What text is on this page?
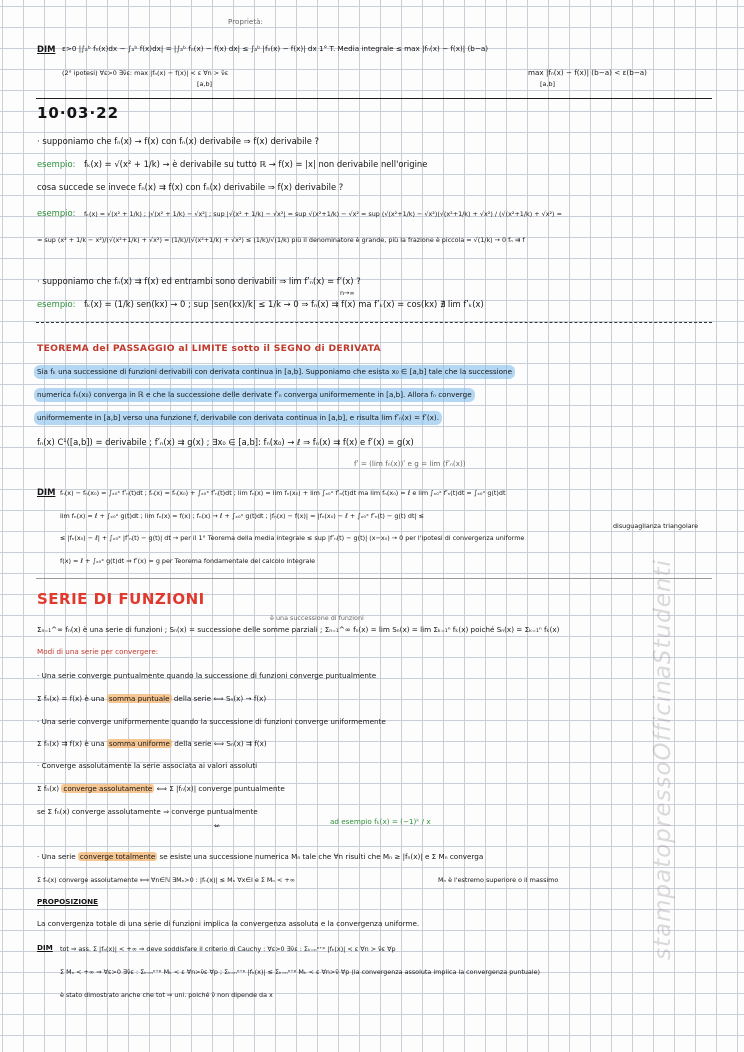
Proprietà:
DIM ε>0 |∫ₐᵇ fₙ(x)dx − ∫ₐᵇ f(x)dx| = |∫ₐᵇ fₙ(x) − f(x) dx| ≤ ∫ₐᵇ |fₙ(x) − f(x)| dx 1° T. Media integrale ≤ max |fₙ(x) − f(x)| (b−a)
(2° ipotesi) ∀ε>0 ∃ν̄ε: max |fₙ(x) − f(x)| < ε ∀n > ν̄ε
[a,b]
max |fₙ(x) − f(x)| (b−a) < ε(b−a)
[a,b]
10·03·22
· supponiamo che fₙ(x) → f(x) con fₙ(x) derivabile ⇒ f(x) derivabile ?
esempio: fₖ(x) = √(x² + 1/k) → è derivabile su tutto ℝ → f(x) = |x| non derivabile nell'origine
cosa succede se invece fₙ(x) ⇉ f(x) con fₙ(x) derivabile ⇒ f(x) derivabile ?
esempio: fₖ(x) = √(x² + 1/k) ; |√(x² + 1/k) − √x²| ; sup |√(x² + 1/k) − √x²| = sup √(x²+1/k) − √x² = sup (√(x²+1/k) − √x²)(√(x²+1/k) + √x²) / (√(x²+1/k) + √x²) =
= sup (x² + 1/k − x²)/(√(x²+1/k) + √x²) = (1/k)/(√(x²+1/k) + √x²) ≤ (1/k)/√(1/k) più il denominatore è grande, più la frazione è piccola = √(1/k) → 0 fₙ ⇉ f
· supponiamo che fₙ(x) ⇉ f(x) ed entrambi sono derivabili ⇒ lim fʹₙ(x) = fʹ(x) ?
n→∞
esempio: fₖ(x) = (1/k) sen(kx) → 0 ; sup |sen(kx)/k| ≤ 1/k → 0 ⇒ fₙ(x) ⇉ f(x) ma fʹₖ(x) = cos(kx) ∄ lim fʹₖ(x)
TEOREMA del PASSAGGIO al LIMITE sotto il SEGNO di DERIVATA
Sia fₖ una successione di funzioni derivabili con derivata continua in [a,b]. Supponiamo che esista x₀ ∈ [a,b] tale che la successione
numerica fₙ(x₀) converga in ℝ e che la successione delle derivate fʹₙ converga uniformemente in [a,b]. Allora fₙ converge
uniformemente in [a,b] verso una funzione f, derivabile con derivata continua in [a,b], e risulta lim fʹₙ(x) = fʹ(x).
fₙ(x) C¹([a,b]) = derivabile ; fʹₙ(x) ⇉ g(x) ; ∃x₀ ∈ [a,b]: fₙ(x₀) → ℓ ⇒ fₙ(x) ⇉ f(x) e fʹ(x) = g(x)
fʹ = (lim fₙ(x))ʹ e g = lim (fʹₙ(x))
DIM fₙ(x) − fₙ(x₀) = ∫ₓ₀ˣ fʹₙ(t)dt ; fₙ(x) = fₙ(x₀) + ∫ₓ₀ˣ fʹₙ(t)dt ; lim fₙ(x) = lim fₙ(x₀) + lim ∫ₓ₀ˣ fʹₙ(t)dt ma lim fₙ(x₀) = ℓ e lim ∫ₓ₀ˣ fʹₙ(t)dt = ∫ₓ₀ˣ g(t)dt
lim fₙ(x) = ℓ + ∫ₓ₀ˣ g(t)dt ; lim fₙ(x) = f(x) ; fₙ(x) → ℓ + ∫ₓ₀ˣ g(t)dt ; |fₙ(x) − f(x)| = |fₙ(x₀) − ℓ + ∫ₓ₀ˣ fʹₙ(t) − g(t) dt| ≤
disuguaglianza triangolare
≤ |fₙ(x₀) − ℓ| + ∫ₓ₀ˣ |fʹₙ(t) − g(t)| dt → per il 1° Teorema della media integrale ≤ sup |fʹₙ(t) − g(t)| (x−x₀) → 0 per l'ipotesi di convergenza uniforme
f(x) = ℓ + ∫ₓ₀ˣ g(t)dt ⇒ fʹ(x) = g per Teorema fondamentale del calcolo integrale
SERIE DI FUNZIONI
è una successione di funzioni
Σₙ₌₁^∞ fₙ(x) è una serie di funzioni ; Sₙ(x) = successione delle somme parziali ; Σₙ₌₁^∞ fₙ(x) = lim Sₙ(x) = lim Σₖ₌₁ⁿ fₖ(x) poiché Sₙ(x) = Σₖ₌₁ⁿ fₖ(x)
Modi di una serie per convergere:
· Una serie converge puntualmente quando la successione di funzioni converge puntualmente
Σ fₙ(x) = f(x) è una somma puntuale della serie ⟺ Sₙ(x) → f(x)
· Una serie converge uniformemente quando la successione di funzioni converge uniformemente
Σ fₙ(x) ⇉ f(x) è una somma uniforme della serie ⟺ Sₙ(x) ⇉ f(x)
· Converge assolutamente la serie associata ai valori assoluti
Σ fₙ(x) converge assolutamente ⟺ Σ |fₙ(x)| converge puntualmente
se Σ fₙ(x) converge assolutamente ⇒ converge puntualmente
⇍	ad esempio fₖ(x) = (−1)ᵏ / x
· Una serie converge totalmente se esiste una successione numerica Mₙ tale che ∀n risulti che Mₙ ≥ |fₙ(x)| e Σ Mₙ converga
Σ fₙ(x) converge assolutamente ⟺ ∀n∈ℕ ∃Mₙ>0 : |fₙ(x)| ≤ Mₙ ∀x∈I e Σ Mₙ < +∞	Mₙ è l'estremo superiore o il massimo
PROPOSIZIONE
La convergenza totale di una serie di funzioni implica la convergenza assoluta e la convergenza uniforme.
DIM tot ⇒ ass. Σ |fₙ(x)| < +∞ ⇒ deve soddisfare il criterio di Cauchy : ∀ε>0 ∃ν̄ε : Σₖ₌ₙⁿ⁺ᵖ |fₖ(x)| < ε ∀n > ν̄ε ∀p
Σ Mₙ < +∞ ⇒ ∀ε>0 ∃ν̄ε : Σₖ₌ₙⁿ⁺ᵖ Mₖ < ε ∀n>ν̄ε ∀p ; Σₖ₌ₙⁿ⁺ᵖ |fₖ(x)| ≤ Σₖ₌ₙⁿ⁺ᵖ Mₖ < ε ∀n>ν̄ ∀p (la convergenza assoluta implica la convergenza puntuale)
è stato dimostrato anche che tot ⇒ uni. poiché ν̄ non dipende da x
stampatopressoOfficinaStudenti
